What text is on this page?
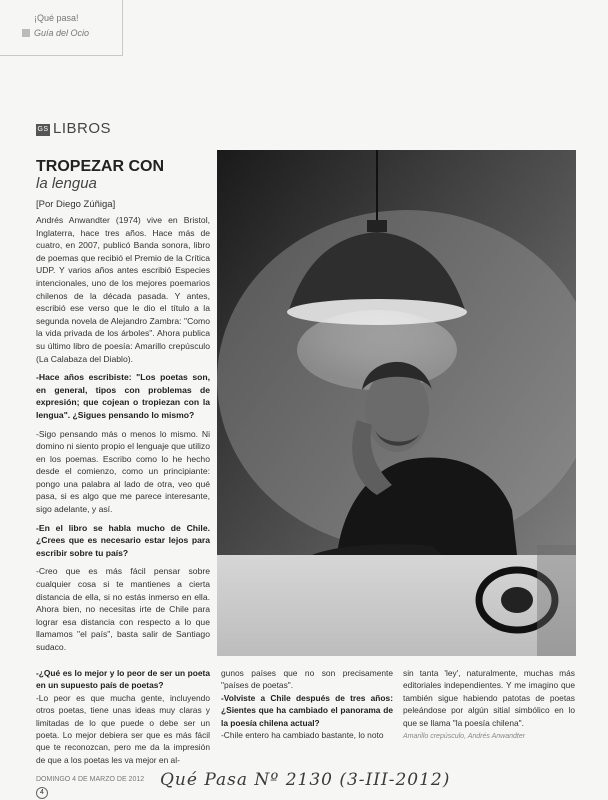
¡Qué pasa!
Guía del Ocio
GS LIBROS
TROPEZAR CON
la lengua
[Por Diego Zúñiga]

Andrés Anwandter (1974) vive en Bristol, Inglaterra, hace tres años. Hace más de cuatro, en 2007, publicó Banda sonora, libro de poemas que recibió el Premio de la Crítica UDP. Y varios años antes escribió Especies intencionales, uno de los mejores poemarios chilenos de la década pasada. Y antes, escribió ese verso que le dio el título a la segunda novela de Alejandro Zambra: "Como la vida privada de los árboles". Ahora publica su último libro de poesía: Amarillo crepúsculo (La Calabaza del Diablo).

-Hace años escribiste: "Los poetas son, en general, tipos con problemas de expresión; que cojean o tropiezan con la lengua". ¿Sigues pensando lo mismo?

-Sigo pensando más o menos lo mismo. Ni domino ni siento propio el lenguaje que utilizo en los poemas. Escribo como lo he hecho desde el comienzo, como un principiante: pongo una palabra al lado de otra, veo qué pasa, si es algo que me parece interesante, sigo adelante, y así.

-En el libro se habla mucho de Chile. ¿Crees que es necesario estar lejos para escribir sobre tu país?

-Creo que es más fácil pensar sobre cualquier cosa si te mantienes a cierta distancia de ella, si no estás inmerso en ella. Ahora bien, no necesitas irte de Chile para lograr esa distancia con respecto a lo que llamamos "el país", basta salir de Santiago sudaco.

-¿Qué es lo mejor y lo peor de ser un poeta en un supuesto país de poetas?

-Lo peor es que mucha gente, incluyendo otros poetas, tiene unas ideas muy claras y limitadas de lo que puede o debe ser un poeta. Lo mejor debiera ser que es más fácil que te reconozcan, pero me da la impresión de que a los poetas les va mejor en al-

gunos países que no son precisamente "países de poetas".

-Volviste a Chile después de tres años: ¿Sientes que ha cambiado el panorama de la poesía chilena actual?

-Chile entero ha cambiado bastante, lo noto

sin tanta 'ley', naturalmente, muchas más editoriales independientes. Y me imagino que también sigue habiendo patotas de poetas peleándose por algún sitial simbólico en lo que se llama "la poesía chilena".

Amarillo crepúsculo, Andrés Anwandter

DOMINGO 4 DE MARZO DE 2012
4
Qué Pasa Nº 2130 (3-III-2012)
